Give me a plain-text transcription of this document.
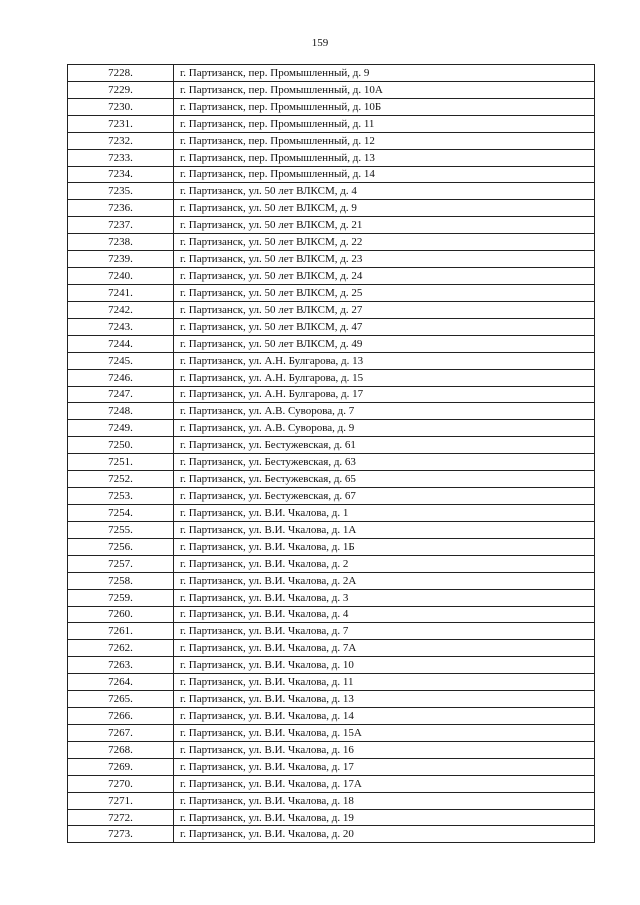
159
7228.	г. Партизанск, пер. Промышленный, д. 9
7229.	г. Партизанск, пер. Промышленный, д. 10А
7230.	г. Партизанск, пер. Промышленный, д. 10Б
7231.	г. Партизанск, пер. Промышленный, д. 11
7232.	г. Партизанск, пер. Промышленный, д. 12
7233.	г. Партизанск, пер. Промышленный, д. 13
7234.	г. Партизанск, пер. Промышленный, д. 14
7235.	г. Партизанск, ул. 50 лет ВЛКСМ, д. 4
7236.	г. Партизанск, ул. 50 лет ВЛКСМ, д. 9
7237.	г. Партизанск, ул. 50 лет ВЛКСМ, д. 21
7238.	г. Партизанск, ул. 50 лет ВЛКСМ, д. 22
7239.	г. Партизанск, ул. 50 лет ВЛКСМ, д. 23
7240.	г. Партизанск, ул. 50 лет ВЛКСМ, д. 24
7241.	г. Партизанск, ул. 50 лет ВЛКСМ, д. 25
7242.	г. Партизанск, ул. 50 лет ВЛКСМ, д. 27
7243.	г. Партизанск, ул. 50 лет ВЛКСМ, д. 47
7244.	г. Партизанск, ул. 50 лет ВЛКСМ, д. 49
7245.	г. Партизанск, ул. А.Н. Булгарова, д. 13
7246.	г. Партизанск, ул. А.Н. Булгарова, д. 15
7247.	г. Партизанск, ул. А.Н. Булгарова, д. 17
7248.	г. Партизанск, ул. А.В. Суворова, д. 7
7249.	г. Партизанск, ул. А.В. Суворова, д. 9
7250.	г. Партизанск, ул. Бестужевская, д. 61
7251.	г. Партизанск, ул. Бестужевская, д. 63
7252.	г. Партизанск, ул. Бестужевская, д. 65
7253.	г. Партизанск, ул. Бестужевская, д. 67
7254.	г. Партизанск, ул. В.И. Чкалова, д. 1
7255.	г. Партизанск, ул. В.И. Чкалова, д. 1А
7256.	г. Партизанск, ул. В.И. Чкалова, д. 1Б
7257.	г. Партизанск, ул. В.И. Чкалова, д. 2
7258.	г. Партизанск, ул. В.И. Чкалова, д. 2А
7259.	г. Партизанск, ул. В.И. Чкалова, д. 3
7260.	г. Партизанск, ул. В.И. Чкалова, д. 4
7261.	г. Партизанск, ул. В.И. Чкалова, д. 7
7262.	г. Партизанск, ул. В.И. Чкалова, д. 7А
7263.	г. Партизанск, ул. В.И. Чкалова, д. 10
7264.	г. Партизанск, ул. В.И. Чкалова, д. 11
7265.	г. Партизанск, ул. В.И. Чкалова, д. 13
7266.	г. Партизанск, ул. В.И. Чкалова, д. 14
7267.	г. Партизанск, ул. В.И. Чкалова, д. 15А
7268.	г. Партизанск, ул. В.И. Чкалова, д. 16
7269.	г. Партизанск, ул. В.И. Чкалова, д. 17
7270.	г. Партизанск, ул. В.И. Чкалова, д. 17А
7271.	г. Партизанск, ул. В.И. Чкалова, д. 18
7272.	г. Партизанск, ул. В.И. Чкалова, д. 19
7273.	г. Партизанск, ул. В.И. Чкалова, д. 20
